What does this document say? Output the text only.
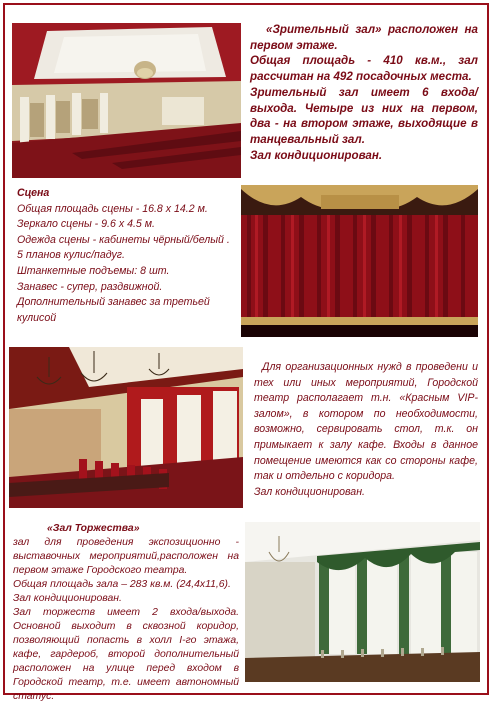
«Зрительный зал» расположен на первом этаже.

Общая площадь - 410 кв.м., зал рассчитан на 492 посадочных места.

Зрительный зал имеет 6 входа/выхода. Четыре из них на первом, два - на втором этаже, выходящие в танцевальный зал.

Зал кондиционирован.

Сцена

Общая площадь сцены - 16.8 х 14.2 м.

Зеркало сцены - 9.6 х 4.5 м.

Одежда сцены - кабинеты чёрный/белый .

5 планов кулис/падуг.

Штанкетные подъемы: 8 шт.

Занавес - супер, раздвижной.

Дополнительный занавес за третьей кулисой

Для организационных нужд в проведени и тех или иных мероприятий, Городской театр располагает т.н. «Красным VIP-залом», в котором по необходимости, возможно, сервировать стол, т.к. он примыкает к залу кафе. Входы в данное помещение имеются как со стороны кафе, так и отдельно с коридора.

Зал кондиционирован.

«Зал Торжества»

зал для проведения экспозиционно - выставочных мероприятий,расположен на первом этаже Городского театра.

Общая площадь зала – 283 кв.м. (24,4х11,6).

Зал кондиционирован.

Зал торжеств имеет 2 входа/выхода. Основной выходит в сквозной коридор, позволяющий попасть в холл I-го этажа, кафе, гардероб, второй дополнительный расположен на улице перед входом в Городской театр, т.е. имеет автономный статус.
